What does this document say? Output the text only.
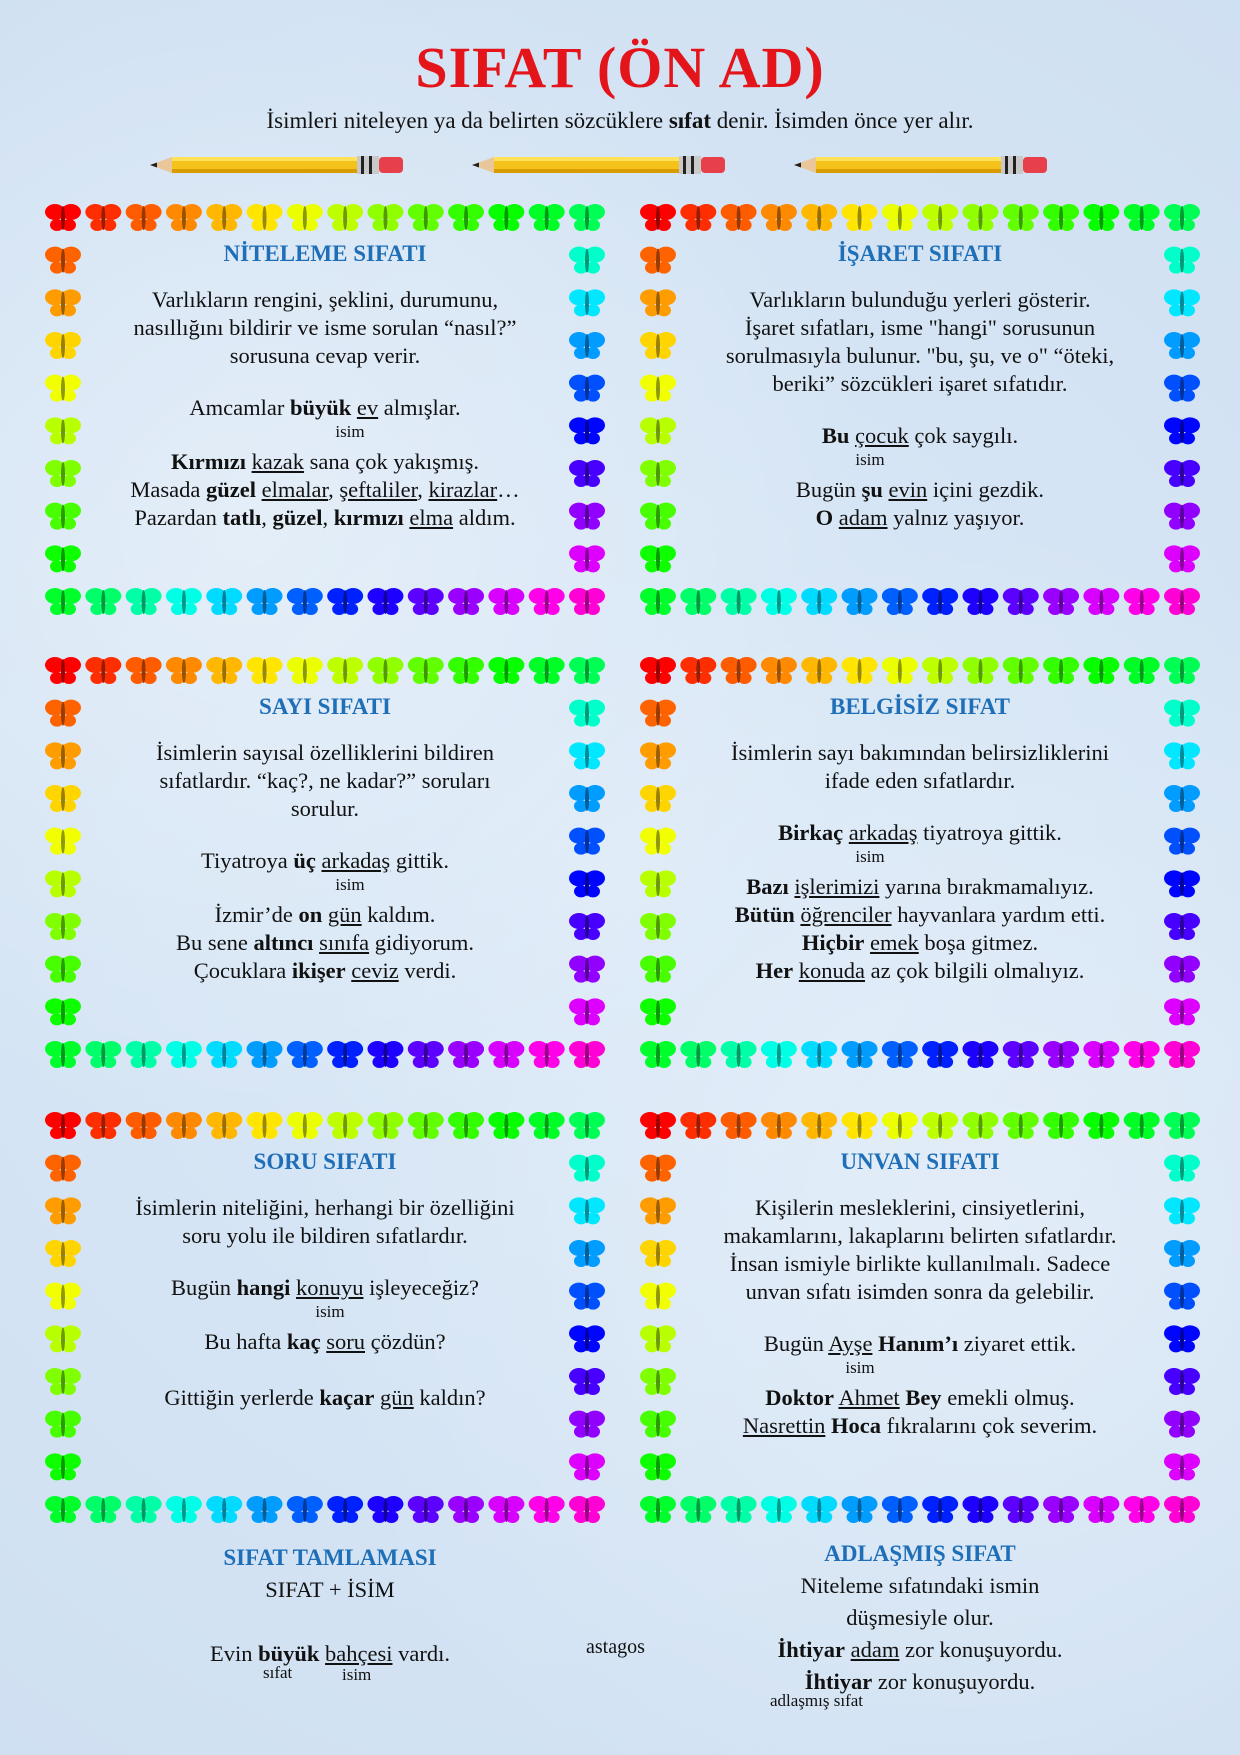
SIFAT (ÖN AD)
İsimleri niteleyen ya da belirten sözcüklere sıfat denir. İsimden önce yer alır.
NİTELEME SIFATI
Varlıkların rengini, şeklini, durumunu,
nasıllığını bildirir ve isme sorulan “nasıl?”
sorusuna cevap verir.
Amcamlar büyük ev almışlar.
isim
Kırmızı kazak sana çok yakışmış.
Masada güzel elmalar, şeftaliler, kirazlar…
Pazardan tatlı, güzel, kırmızı elma aldım.
İŞARET SIFATI
Varlıkların bulunduğu yerleri gösterir.
İşaret sıfatları, isme "hangi" sorusunun
sorulmasıyla bulunur. "bu, şu, ve o" “öteki,
beriki” sözcükleri işaret sıfatıdır.
Bu çocuk çok saygılı.
isim
Bugün şu evin içini gezdik.
O adam yalnız yaşıyor.
SAYI SIFATI
İsimlerin sayısal özelliklerini bildiren
sıfatlardır. “kaç?, ne kadar?” soruları
sorulur.
Tiyatroya üç arkadaş gittik.
isim
İzmir’de on gün kaldım.
Bu sene altıncı sınıfa gidiyorum.
Çocuklara ikişer ceviz verdi.
BELGİSİZ SIFAT
İsimlerin sayı bakımından belirsizliklerini
ifade eden sıfatlardır.
Birkaç arkadaş tiyatroya gittik.
isim
Bazı işlerimizi yarına bırakmamalıyız.
Bütün öğrenciler hayvanlara yardım etti.
Hiçbir emek boşa gitmez.
Her konuda az çok bilgili olmalıyız.
SORU SIFATI
İsimlerin niteliğini, herhangi bir özelliğini
soru yolu ile bildiren sıfatlardır.
Bugün hangi konuyu işleyeceğiz?
isim
Bu hafta kaç soru çözdün?
Gittiğin yerlerde kaçar gün kaldın?
UNVAN SIFATI
Kişilerin mesleklerini, cinsiyetlerini,
makamlarını, lakaplarını belirten sıfatlardır.
İnsan ismiyle birlikte kullanılmalı. Sadece
unvan sıfatı isimden sonra da gelebilir.
Bugün Ayşe Hanım’ı ziyaret ettik.
isim
Doktor Ahmet Bey emekli olmuş.
Nasrettin Hoca fıkralarını çok severim.
SIFAT TAMLAMASI
SIFAT + İSİM
Evin büyük bahçesi vardı.
sıfat	isim
astagos
ADLAŞMIŞ SIFAT
Niteleme sıfatındaki ismin
düşmesiyle olur.
İhtiyar adam zor konuşuyordu.
İhtiyar zor konuşuyordu.
adlaşmış sıfat
